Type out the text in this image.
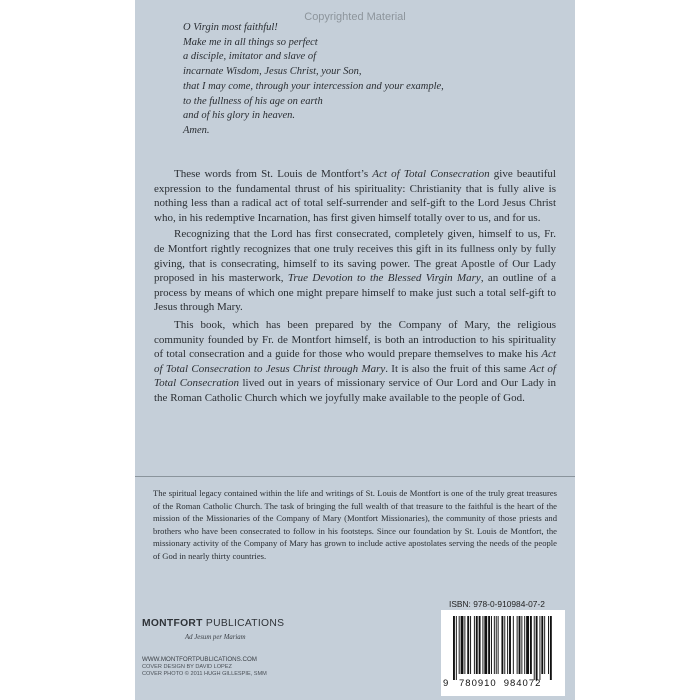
Copyrighted Material
O Virgin most faithful!
Make me in all things so perfect
a disciple, imitator and slave of
incarnate Wisdom, Jesus Christ, your Son,
that I may come, through your intercession and your example,
to the fullness of his age on earth
and of his glory in heaven.
Amen.

These words from St. Louis de Montfort’s Act of Total Consecration give beautiful expression to the fundamental thrust of his spirituality: Christianity that is fully alive is nothing less than a radical act of total self-surrender and self-gift to the Lord Jesus Christ who, in his redemptive Incarnation, has first given himself totally over to us, and for us.

Recognizing that the Lord has first consecrated, completely given, himself to us, Fr. de Montfort rightly recognizes that one truly receives this gift in its fullness only by fully giving, that is consecrating, himself to its saving power. The great Apostle of Our Lady proposed in his masterwork, True Devotion to the Blessed Virgin Mary, an outline of a process by means of which one might prepare himself to make just such a total self-gift to Jesus through Mary.

This book, which has been prepared by the Company of Mary, the religious community founded by Fr. de Montfort himself, is both an introduction to his spirituality of total consecration and a guide for those who would prepare themselves to make his Act of Total Consecration to Jesus Christ through Mary. It is also the fruit of this same Act of Total Consecration lived out in years of missionary service of Our Lord and Our Lady in the Roman Catholic Church which we joyfully make available to the people of God.

The spiritual legacy contained within the life and writings of St. Louis de Montfort is one of the truly great treasures of the Roman Catholic Church. The task of bringing the full wealth of that treasure to the faithful is the heart of the mission of the Missionaries of the Company of Mary (Montfort Missionaries), the community of those priests and brothers who have been consecrated to follow in his footsteps. Since our foundation by St. Louis de Montfort, the missionary activity of the Company of Mary has grown to include active apostolates serving the needs of the people of God in nearly thirty countries.
ISBN: 978-0-910984-07-2
9	780910 984072
MONTFORT PUBLICATIONS
Ad Jesum per Mariam
WWW.MONTFORTPUBLICATIONS.COM
COVER DESIGN BY DAVID LOPEZ
COVER PHOTO © 2011 HUGH GILLESPIE, SMM
